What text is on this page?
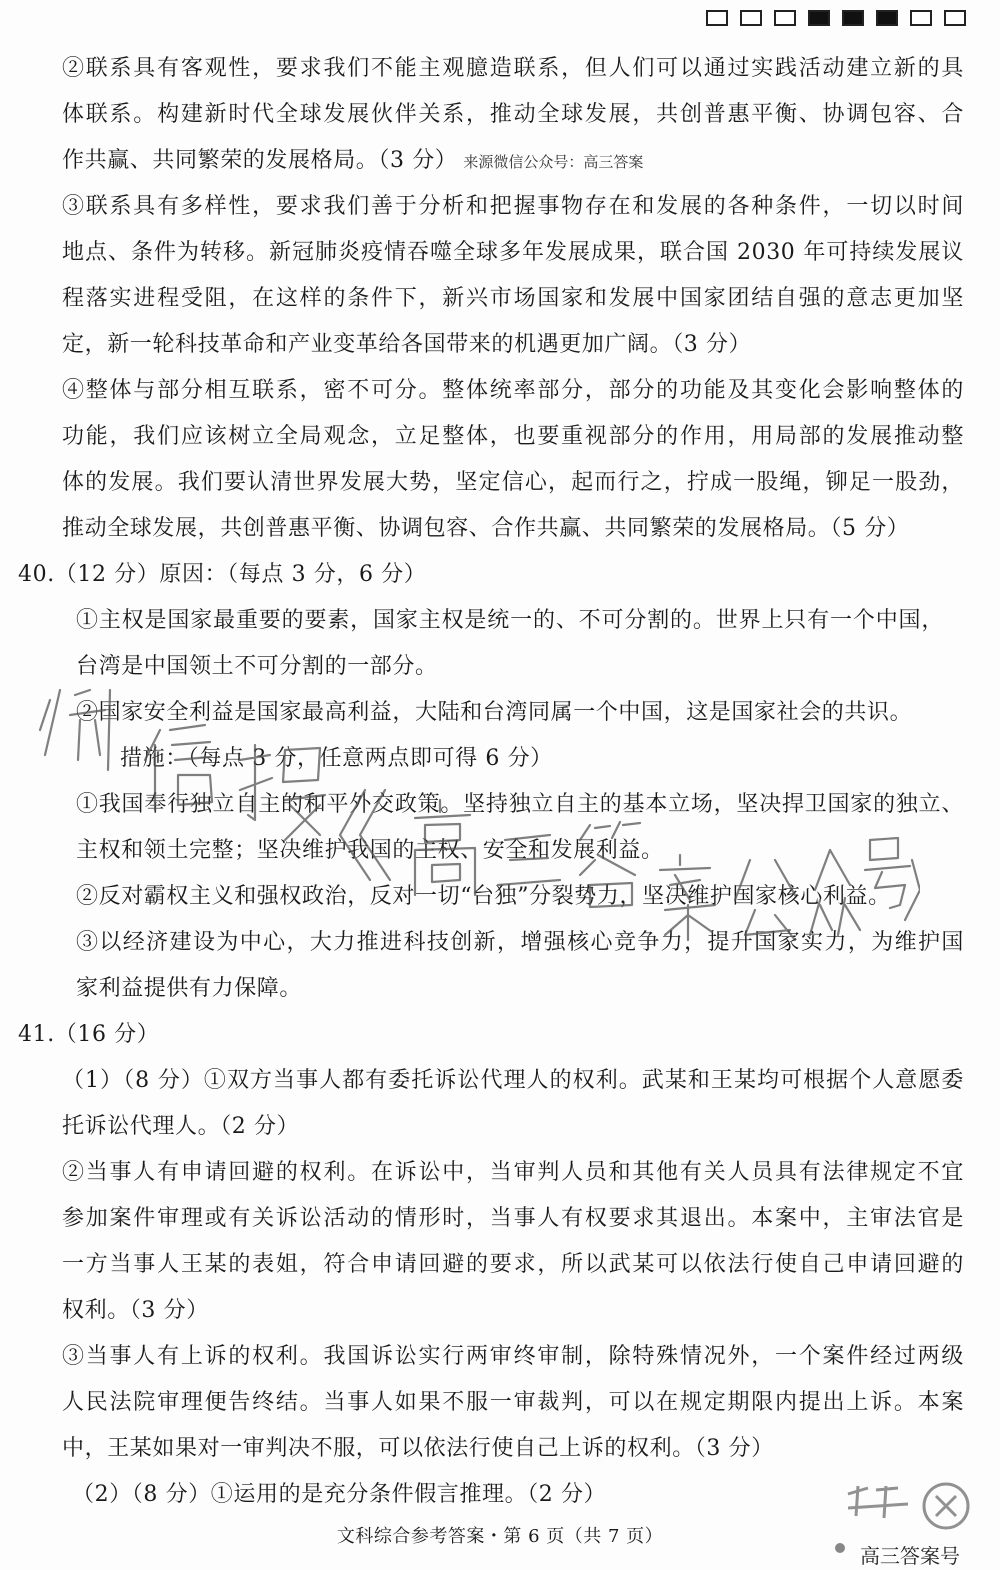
②联系具有客观性，要求我们不能主观臆造联系，但人们可以通过实践活动建立新的具
体联系。构建新时代全球发展伙伴关系，推动全球发展，共创普惠平衡、协调包容、合
作共赢、共同繁荣的发展格局。（3 分） 来源微信公众号：高三答案
③联系具有多样性，要求我们善于分析和把握事物存在和发展的各种条件，一切以时间
地点、条件为转移。新冠肺炎疫情吞噬全球多年发展成果，联合国 2030 年可持续发展议
程落实进程受阻，在这样的条件下，新兴市场国家和发展中国家团结自强的意志更加坚
定，新一轮科技革命和产业变革给各国带来的机遇更加广阔。（3 分）
④整体与部分相互联系，密不可分。整体统率部分，部分的功能及其变化会影响整体的
功能，我们应该树立全局观念，立足整体，也要重视部分的作用，用局部的发展推动整
体的发展。我们要认清世界发展大势，坚定信心，起而行之，拧成一股绳，铆足一股劲，
推动全球发展，共创普惠平衡、协调包容、合作共赢、共同繁荣的发展格局。（5 分）
40.（12 分）原因：（每点 3 分，6 分）
①主权是国家最重要的要素，国家主权是统一的、不可分割的。世界上只有一个中国，
台湾是中国领土不可分割的一部分。
②国家安全利益是国家最高利益，大陆和台湾同属一个中国，这是国家社会的共识。
措施：（每点 3 分，任意两点即可得 6 分）
①我国奉行独立自主的和平外交政策。坚持独立自主的基本立场，坚决捍卫国家的独立、
主权和领土完整；坚决维护我国的主权、安全和发展利益。
②反对霸权主义和强权政治，反对一切“台独”分裂势力，坚决维护国家核心利益。
③以经济建设为中心，大力推进科技创新，增强核心竞争力，提升国家实力，为维护国
家利益提供有力保障。
41.（16 分）
（1）（8 分）①双方当事人都有委托诉讼代理人的权利。武某和王某均可根据个人意愿委
托诉讼代理人。（2 分）
②当事人有申请回避的权利。在诉讼中，当审判人员和其他有关人员具有法律规定不宜
参加案件审理或有关诉讼活动的情形时，当事人有权要求其退出。本案中，主审法官是
一方当事人王某的表姐，符合申请回避的要求，所以武某可以依法行使自己申请回避的
权利。（3 分）
③当事人有上诉的权利。我国诉讼实行两审终审制，除特殊情况外，一个案件经过两级
人民法院审理便告终结。当事人如果不服一审裁判，可以在规定期限内提出上诉。本案
中，王某如果对一审判决不服，可以依法行使自己上诉的权利。（3 分）
（2）（8 分）①运用的是充分条件假言推理。（2 分）
文科综合参考答案・第 6 页（共 7 页）
高三答案号
